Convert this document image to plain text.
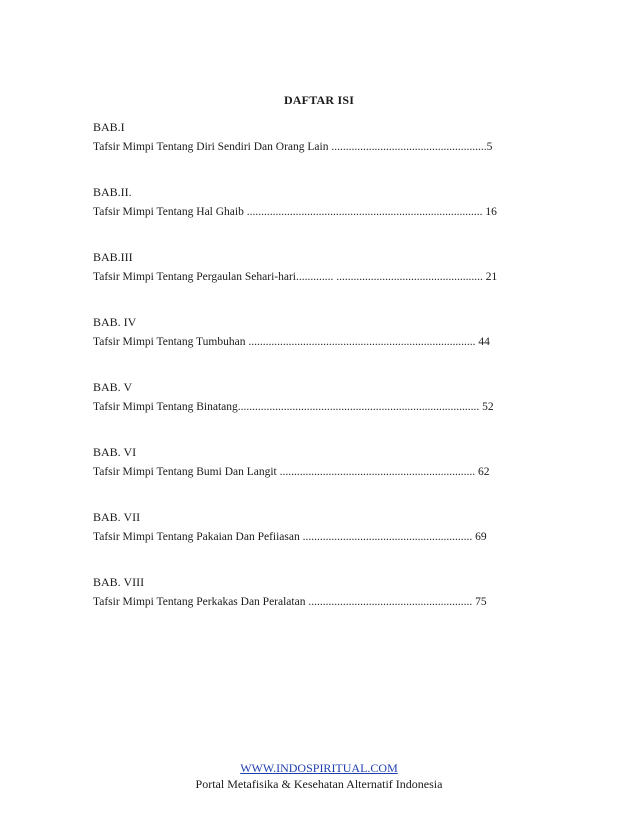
DAFTAR ISI
BAB.I
Tafsir Mimpi Tentang Diri Sendiri Dan Orang Lain ......................................................5
BAB.II.
Tafsir Mimpi Tentang Hal Ghaib .................................................................................. 16
BAB.III
Tafsir Mimpi Tentang Pergaulan Sehari-hari............. ................................................... 21
BAB. IV
Tafsir Mimpi Tentang Tumbuhan ............................................................................... 44
BAB. V
Tafsir Mimpi Tentang Binatang.................................................................................... 52
BAB. VI
Tafsir Mimpi Tentang Bumi Dan Langit .................................................................... 62
BAB. VII
Tafsir Mimpi Tentang Pakaian Dan Pefiiasan ........................................................... 69
BAB. VIII
Tafsir Mimpi Tentang Perkakas Dan Peralatan ......................................................... 75
WWW.INDOSPIRITUAL.COM
Portal Metafisika & Kesehatan Alternatif Indonesia
